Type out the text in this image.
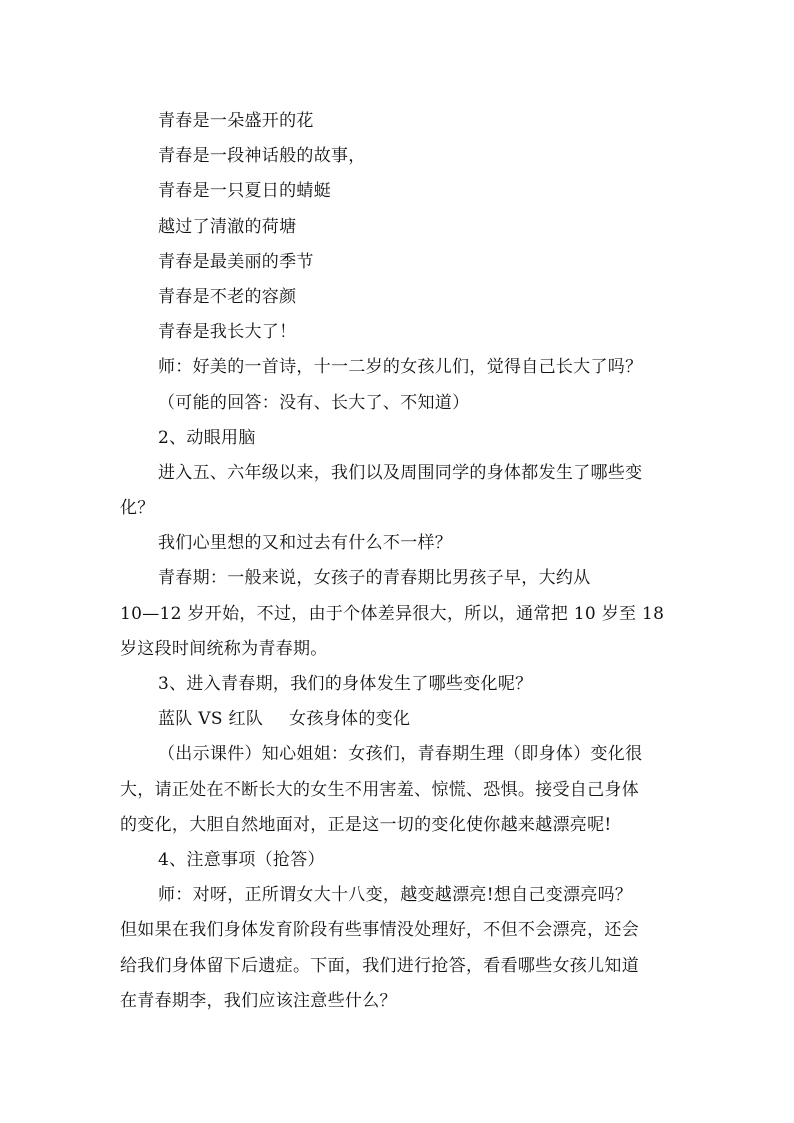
青春是一朵盛开的花
青春是一段神话般的故事，
青春是一只夏日的蜻蜓
越过了清澈的荷塘
青春是最美丽的季节
青春是不老的容颜
青春是我长大了！
师：好美的一首诗，十一二岁的女孩儿们，觉得自己长大了吗？
（可能的回答：没有、长大了、不知道）
2、动眼用脑
进入五、六年级以来，我们以及周围同学的身体都发生了哪些变
化？
我们心里想的又和过去有什么不一样？
青春期：一般来说，女孩子的青春期比男孩子早，大约从
10—12 岁开始，不过，由于个体差异很大，所以，通常把 10 岁至 18
岁这段时间统称为青春期。
3、进入青春期，我们的身体发生了哪些变化呢？
蓝队 VS 红队 女孩身体的变化
（出示课件）知心姐姐：女孩们，青春期生理（即身体）变化很
大，请正处在不断长大的女生不用害羞、惊慌、恐惧。接受自己身体
的变化，大胆自然地面对，正是这一切的变化使你越来越漂亮呢!
4、注意事项（抢答）
师：对呀，正所谓女大十八变，越变越漂亮!想自己变漂亮吗？
但如果在我们身体发育阶段有些事情没处理好，不但不会漂亮，还会
给我们身体留下后遗症。下面，我们进行抢答，看看哪些女孩儿知道
在青春期李，我们应该注意些什么？
